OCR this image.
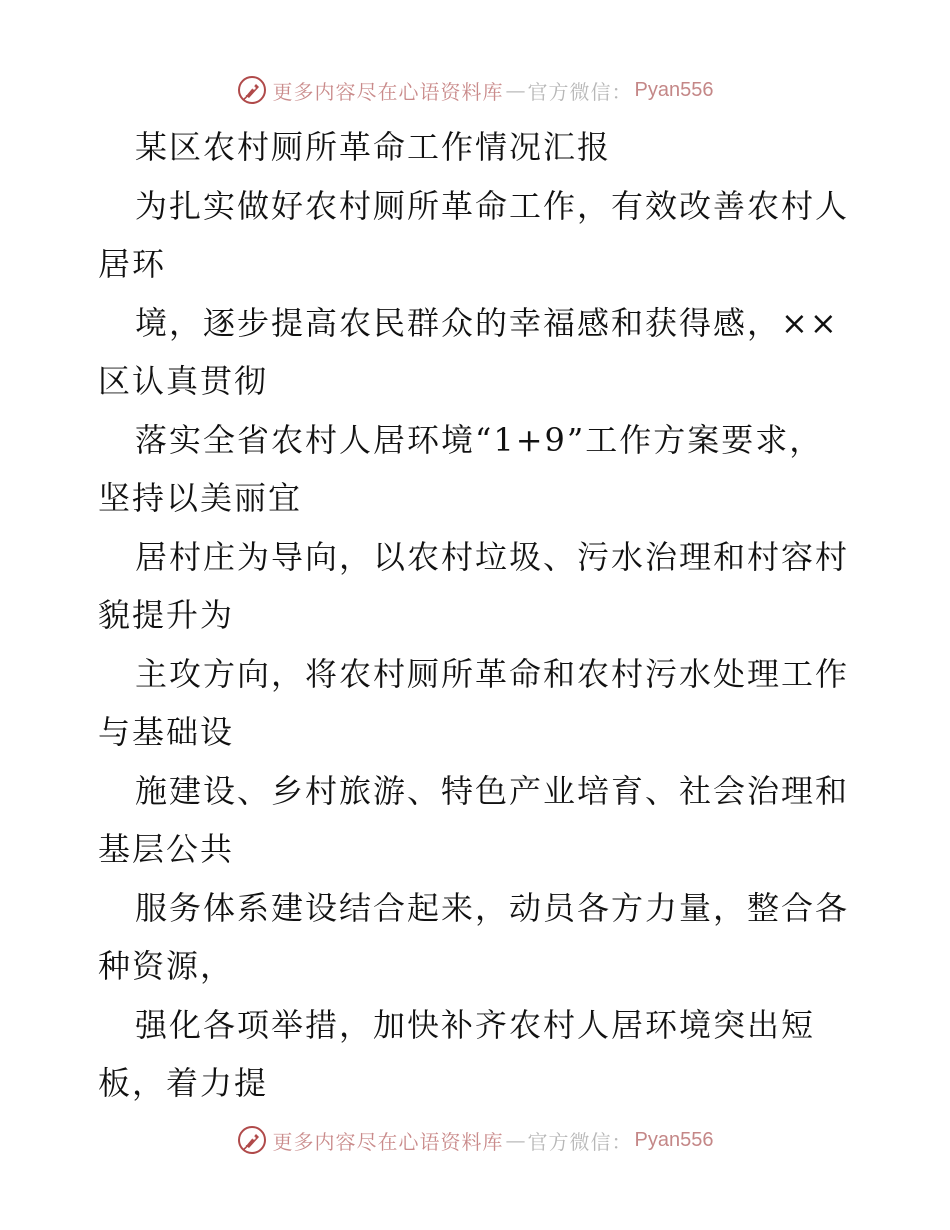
更多内容尽在心语资料库 — 官方微信： Pyan556
某区农村厕所革命工作情况汇报
为扎实做好农村厕所革命工作，有效改善农村人
居环
境，逐步提高农民群众的幸福感和获得感，××
区认真贯彻
落实全省农村人居环境“1+9”工作方案要求，
坚持以美丽宜
居村庄为导向，以农村垃圾、污水治理和村容村
貌提升为
主攻方向，将农村厕所革命和农村污水处理工作
与基础设
施建设、乡村旅游、特色产业培育、社会治理和
基层公共
服务体系建设结合起来，动员各方力量，整合各
种资源，
强化各项举措，加快补齐农村人居环境突出短
板，着力提
更多内容尽在心语资料库 — 官方微信： Pyan556
